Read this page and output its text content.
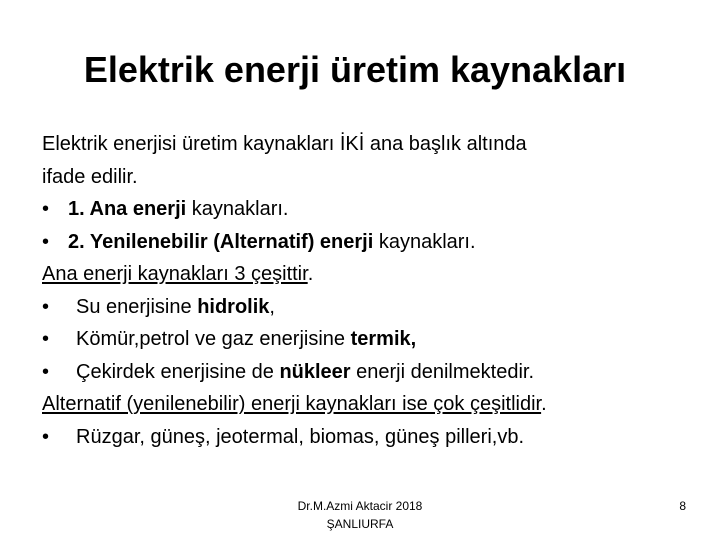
Elektrik enerji üretim kaynakları
Elektrik enerjisi üretim kaynakları İKİ ana başlık altında
ifade edilir.
• 1. Ana enerji kaynakları.
• 2. Yenilenebilir (Alternatif) enerji kaynakları.
Ana enerji kaynakları 3 çeşittir.
• Su enerjisine hidrolik,
• Kömür,petrol ve gaz enerjisine termik,
• Çekirdek enerjisine de nükleer enerji denilmektedir.
Alternatif (yenilenebilir) enerji kaynakları ise çok çeşitlidir.
• Rüzgar, güneş, jeotermal, biomas, güneş pilleri,vb.
Dr.M.Azmi Aktacir 2018
ŞANLIURFA
8
